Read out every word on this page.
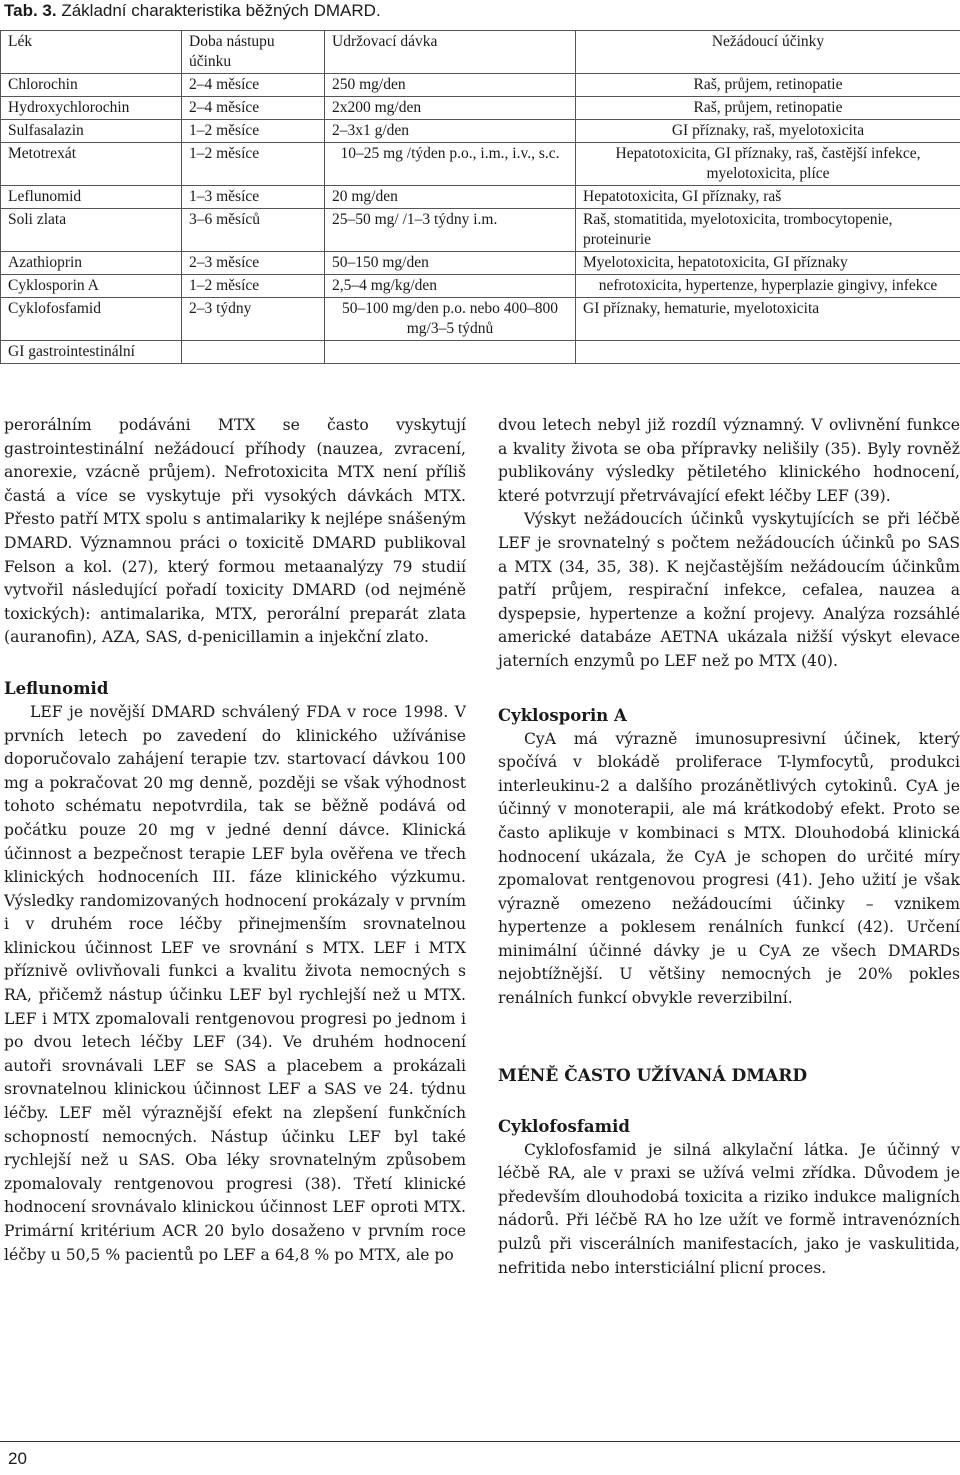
Tab. 3. Základní charakteristika běžných DMARD.
Lék	Doba nástupu účinku	Udržovací dávka	Nežádoucí účinky
Chlorochin	2–4 měsíce	250 mg/den	Raš, průjem, retinopatie
Hydroxychlorochin	2–4 měsíce	2x200 mg/den	Raš, průjem, retinopatie
Sulfasalazin	1–2 měsíce	2–3x1 g/den	GI příznaky, raš, myelotoxicita
Metotrexát	1–2 měsíce	10–25 mg /týden p.o., i.m., i.v., s.c.	Hepatotoxicita, GI příznaky, raš, častější infekce, myelotoxicita, plíce
Leflunomid	1–3 měsíce	20 mg/den	Hepatotoxicita, GI příznaky, raš
Soli zlata	3–6 měsíců	25–50 mg/ /1–3 týdny i.m.	Raš, stomatitida, myelotoxicita, trombocytopenie, proteinurie
Azathioprin	2–3 měsíce	50–150 mg/den	Myelotoxicita, hepatotoxicita, GI příznaky
Cyklosporin A	1–2 měsíce	2,5–4 mg/kg/den	nefrotoxicita, hypertenze, hyperplazie gingivy, infekce
Cyklofosfamid	2–3 týdny	50–100 mg/den p.o. nebo 400–800 mg/3–5 týdnů	GI příznaky, hematurie, myelotoxicita
GI gastrointestinální			

perorálním podáváni MTX se často vyskytují gastrointestinální nežádoucí příhody (nauzea, zvracení, anorexie, vzácně průjem). Nefrotoxicita MTX není příliš častá a více se vyskytuje při vysokých dávkách MTX. Přesto patří MTX spolu s antimalariky k nejlépe snášeným DMARD. Významnou práci o toxicitě DMARD publikoval Felson a kol. (27), který formou metaanalýzy 79 studií vytvořil následující pořadí toxicity DMARD (od nejméně toxických): antimalarika, MTX, perorální preparát zlata (auranofin), AZA, SAS, d-penicillamin a injekční zlato.

Leflunomid

LEF je novější DMARD schválený FDA v roce 1998. V prvních letech po zavedení do klinického užívánise doporučovalo zahájení terapie tzv. startovací dávkou 100 mg a pokračovat 20 mg denně, později se však výhodnost tohoto schématu nepotvrdila, tak se běžně podává od počátku pouze 20 mg v jedné denní dávce. Klinická účinnost a bezpečnost terapie LEF byla ověřena ve třech klinických hodnoceních III. fáze klinického výzkumu. Výsledky randomizovaných hodnocení prokázaly v prvním i v druhém roce léčby přinejmenším srovnatelnou klinickou účinnost LEF ve srovnání s MTX. LEF i MTX příznivě ovlivňovali funkci a kvalitu života nemocných s RA, přičemž nástup účinku LEF byl rychlejší než u MTX. LEF i MTX zpomalovali rentgenovou progresi po jednom i po dvou letech léčby LEF (34). Ve druhém hodnocení autoři srovnávali LEF se SAS a placebem a prokázali srovnatelnou klinickou účinnost LEF a SAS ve 24. týdnu léčby. LEF měl výraznější efekt na zlepšení funkčních schopností nemocných. Nástup účinku LEF byl také rychlejší než u SAS. Oba léky srovnatelným způsobem zpomalovaly rentgenovou progresi (38). Třetí klinické hodnocení srovnávalo klinickou účinnost LEF oproti MTX. Primární kritérium ACR 20 bylo dosaženo v prvním roce léčby u 50,5 % pacientů po LEF a 64,8 % po MTX, ale po

dvou letech nebyl již rozdíl významný. V ovlivnění funkce a kvality života se oba přípravky nelišily (35). Byly rovněž publikovány výsledky pětiletého klinického hodnocení, které potvrzují přetrvávající efekt léčby LEF (39).

Výskyt nežádoucích účinků vyskytujících se při léčbě LEF je srovnatelný s počtem nežádoucích účinků po SAS a MTX (34, 35, 38). K nejčastějším nežádoucím účinkům patří průjem, respirační infekce, cefalea, nauzea a dyspepsie, hypertenze a kožní projevy. Analýza rozsáhlé americké databáze AETNA ukázala nižší výskyt elevace jaterních enzymů po LEF než po MTX (40).

Cyklosporin A

CyA má výrazně imunosupresivní účinek, který spočívá v blokádě proliferace T-lymfocytů, produkci interleukinu-2 a dalšího prozánětlivých cytokinů. CyA je účinný v monoterapii, ale má krátkodobý efekt. Proto se často aplikuje v kombinaci s MTX. Dlouhodobá klinická hodnocení ukázala, že CyA je schopen do určité míry zpomalovat rentgenovou progresi (41). Jeho užití je však výrazně omezeno nežádoucími účinky – vznikem hypertenze a poklesem renálních funkcí (42). Určení minimální účinné dávky je u CyA ze všech DMARDs nejobtížnější. U většiny nemocných je 20% pokles renálních funkcí obvykle reverzibilní.

MÉNĚ ČASTO UŽÍVANÁ DMARD
Cyklofosfamid

Cyklofosfamid je silná alkylační látka. Je účinný v léčbě RA, ale v praxi se užívá velmi zřídka. Důvodem je především dlouhodobá toxicita a riziko indukce maligních nádorů. Při léčbě RA ho lze užít ve formě intravenózních pulzů při viscerálních manifestacích, jako je vaskulitida, nefritida nebo intersticiální plicní proces.

20
